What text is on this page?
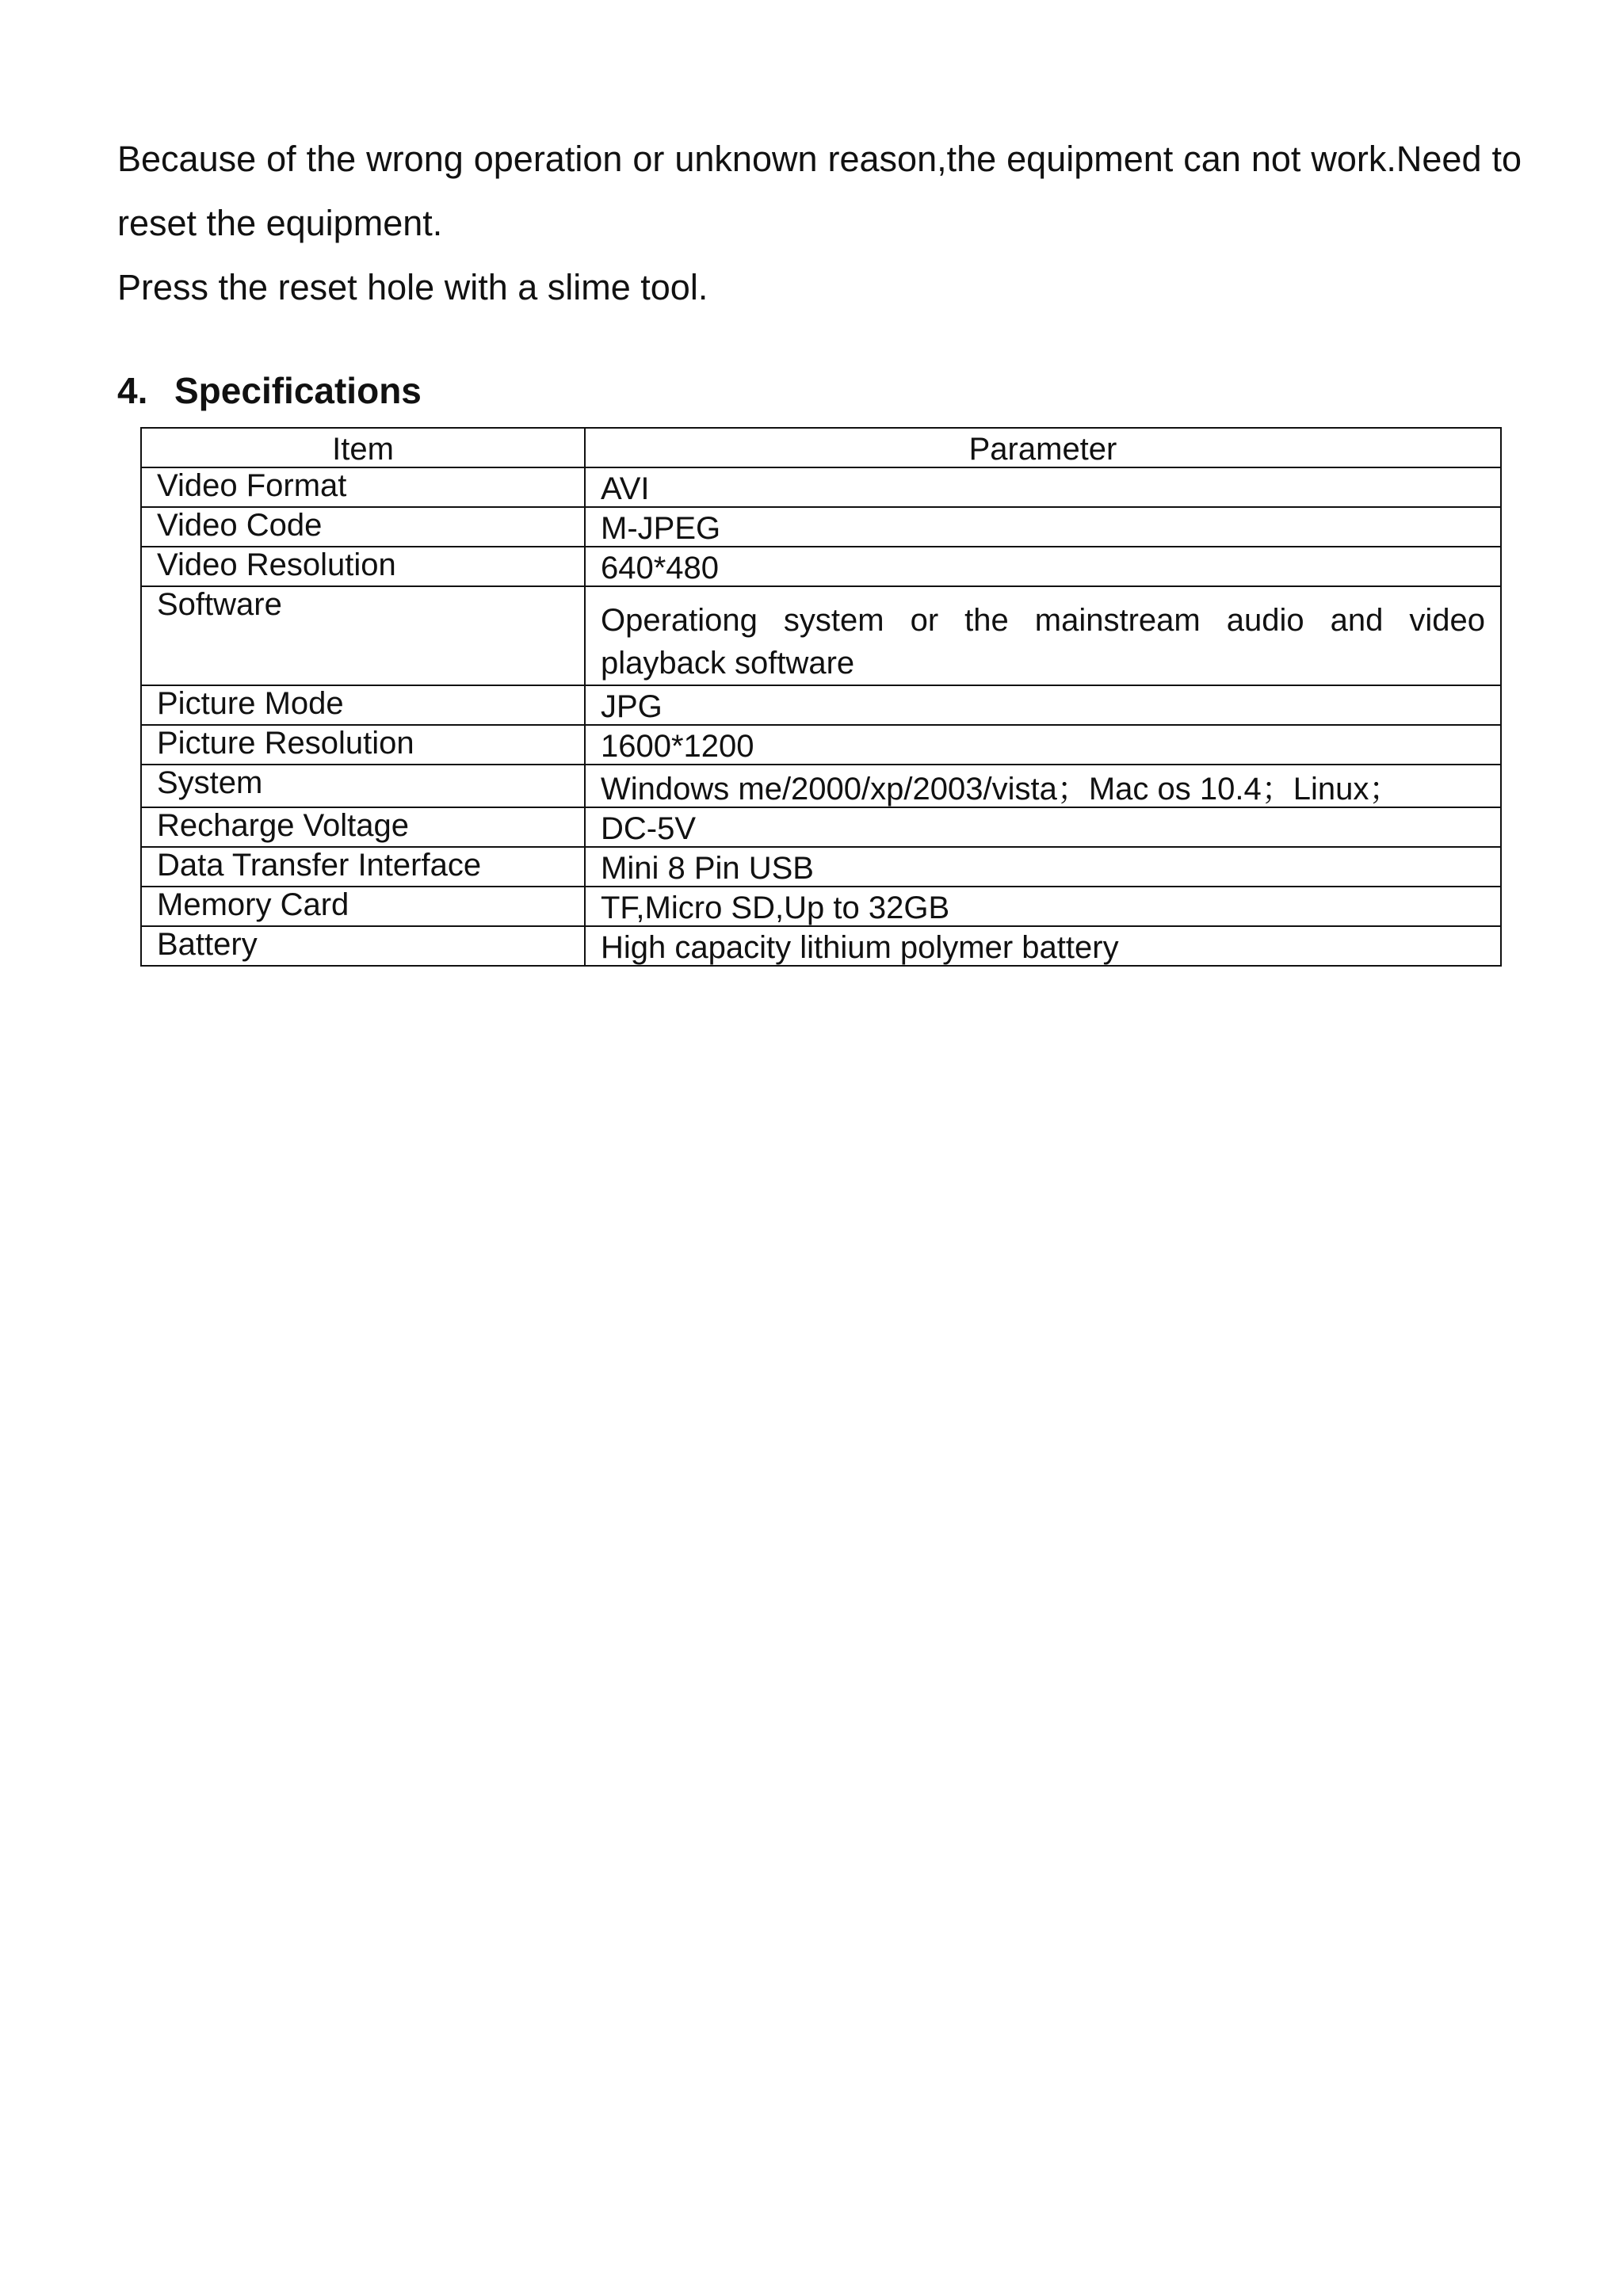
Because of the wrong operation or unknown reason,the equipment can not work.Need to reset the equipment.

Press the reset hole with a slime tool.

4. Specifications
Item	Parameter
Video Format	AVI
Video Code	M-JPEG
Video Resolution	640*480
Software	Operationg system or the mainstream audio and video playback software
Picture Mode	JPG
Picture Resolution	1600*1200
System	Windows me/2000/xp/2003/vista；Mac os 10.4；Linux；
Recharge Voltage	DC-5V
Data Transfer Interface	Mini 8 Pin USB
Memory Card	TF,Micro SD,Up to 32GB
Battery	High capacity lithium polymer battery
